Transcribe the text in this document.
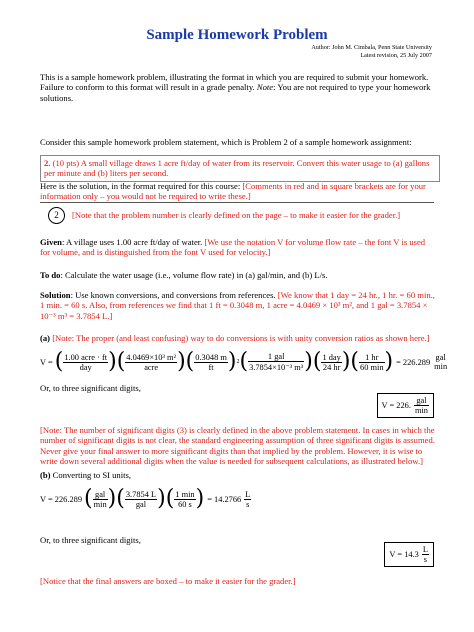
Sample Homework Problem
Author: John M. Cimbala, Penn State University
Latest revision, 25 July 2007
This is a sample homework problem, illustrating the format in which you are required to submit your homework. Failure to conform to this format will result in a grade penalty. Note: You are not required to type your homework solutions.
Consider this sample homework problem statement, which is Problem 2 of a sample homework assignment:
2. (10 pts) A small village draws 1 acre ft/day of water from its reservoir. Convert this water usage to (a) gallons per minute and (b) liters per second.
Here is the solution, in the format required for this course: [Comments in red and in square brackets are for your information only – you would not be required to write these.]
2	[Note that the problem number is clearly defined on the page – to make it easier for the grader.]
Given: A village uses 1.00 acre ft/day of water. [We use the notation V for volume flow rate – the font V is used for volume, and is distinguished from the font V used for velocity.]
To do: Calculate the water usage (i.e., volume flow rate) in (a) gal/min, and (b) L/s.
Solution: Use known conversions, and conversions from references. [We know that 1 day = 24 hr., 1 hr. = 60 min., 1 min. = 60 s. Also, from references we find that 1 ft = 0.3048 m, 1 acre = 4.0469 × 10³ m², and 1 gal = 3.7854 × 10⁻³ m³ = 3.7854 L.]
(a) [Note: The proper (and least confusing) way to do conversions is with unity conversion ratios as shown here.]
V = ( $\frac{\text{1.00 acre · ft}}{\text{day}}$ ) ( $\frac{\text{4.0469×10³ m²}}{\text{acre}}$ ) ( $\frac{0.3048 m}{ft}$ ) 2 ( $\frac{\text{1 gal}}{\text{3.7854×10⁻³ m³}}$ ) ( $\frac{\text{1 day}}{24 hr}$ ) ( $\frac{1 hr}{60 \min}$ ) = 226.289 gal
min
Or, to three significant digits,
V = 226. $\frac{\text{gal}}{\min}$
[Note: The number of significant digits (3) is clearly defined in the above problem statement. In cases in which the number of significant digits is not clear, the standard engineering assumption of three significant digits is assumed. Never give your final answer to more significant digits than that implied by the problem. However, it is wise to write down several additional digits when the value is needed for subsequent calculations, as illustrated below.]
(b) Converting to SI units,
V = 226.289 ( $\frac{\text{gal}}{\min}$ ) ( $\frac{3.7854 L}{\text{gal}}$ ) ( $\frac{1 \min}{60 s}$ ) = $14.2766 \frac{L}{s}$
Or, to three significant digits,
$V = 14.3 \frac{L}{s}$
[Notice that the final answers are boxed – to make it easier for the grader.]
